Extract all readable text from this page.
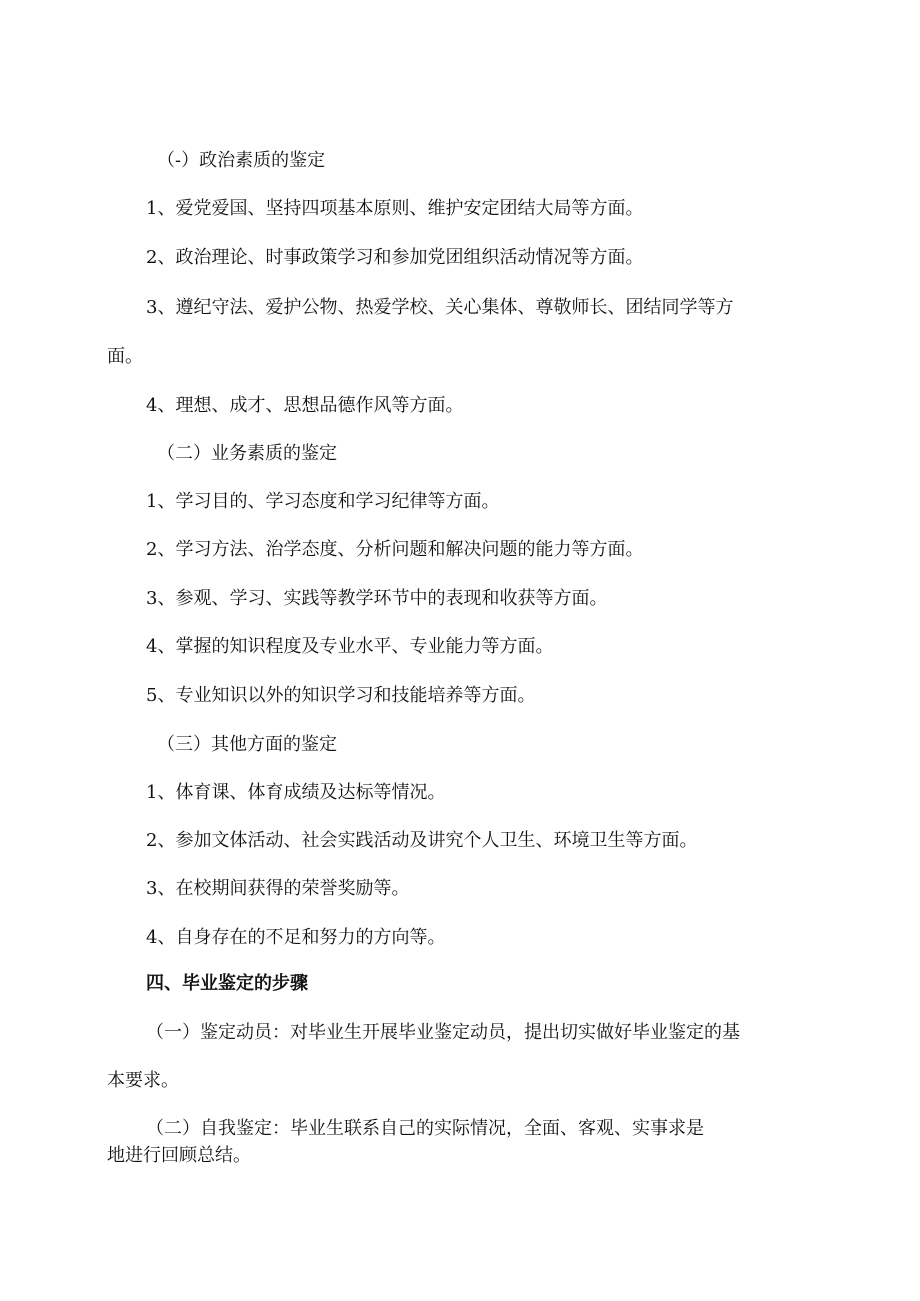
（-）政治素质的鉴定
1、爱党爱国、坚持四项基本原则、维护安定团结大局等方面。
2、政治理论、时事政策学习和参加党团组织活动情况等方面。
3、遵纪守法、爱护公物、热爱学校、关心集体、尊敬师长、团结同学等方
面。
4、理想、成才、思想品德作风等方面。
（二）业务素质的鉴定
1、学习目的、学习态度和学习纪律等方面。
2、学习方法、治学态度、分析问题和解决问题的能力等方面。
3、参观、学习、实践等教学环节中的表现和收获等方面。
4、掌握的知识程度及专业水平、专业能力等方面。
5、专业知识以外的知识学习和技能培养等方面。
（三）其他方面的鉴定
1、体育课、体育成绩及达标等情况。
2、参加文体活动、社会实践活动及讲究个人卫生、环境卫生等方面。
3、在校期间获得的荣誉奖励等。
4、自身存在的不足和努力的方向等。
四、毕业鉴定的步骤
（一）鉴定动员：对毕业生开展毕业鉴定动员，提出切实做好毕业鉴定的基
本要求。
（二）自我鉴定：毕业生联系自己的实际情况，全面、客观、实事求是
地进行回顾总结。
